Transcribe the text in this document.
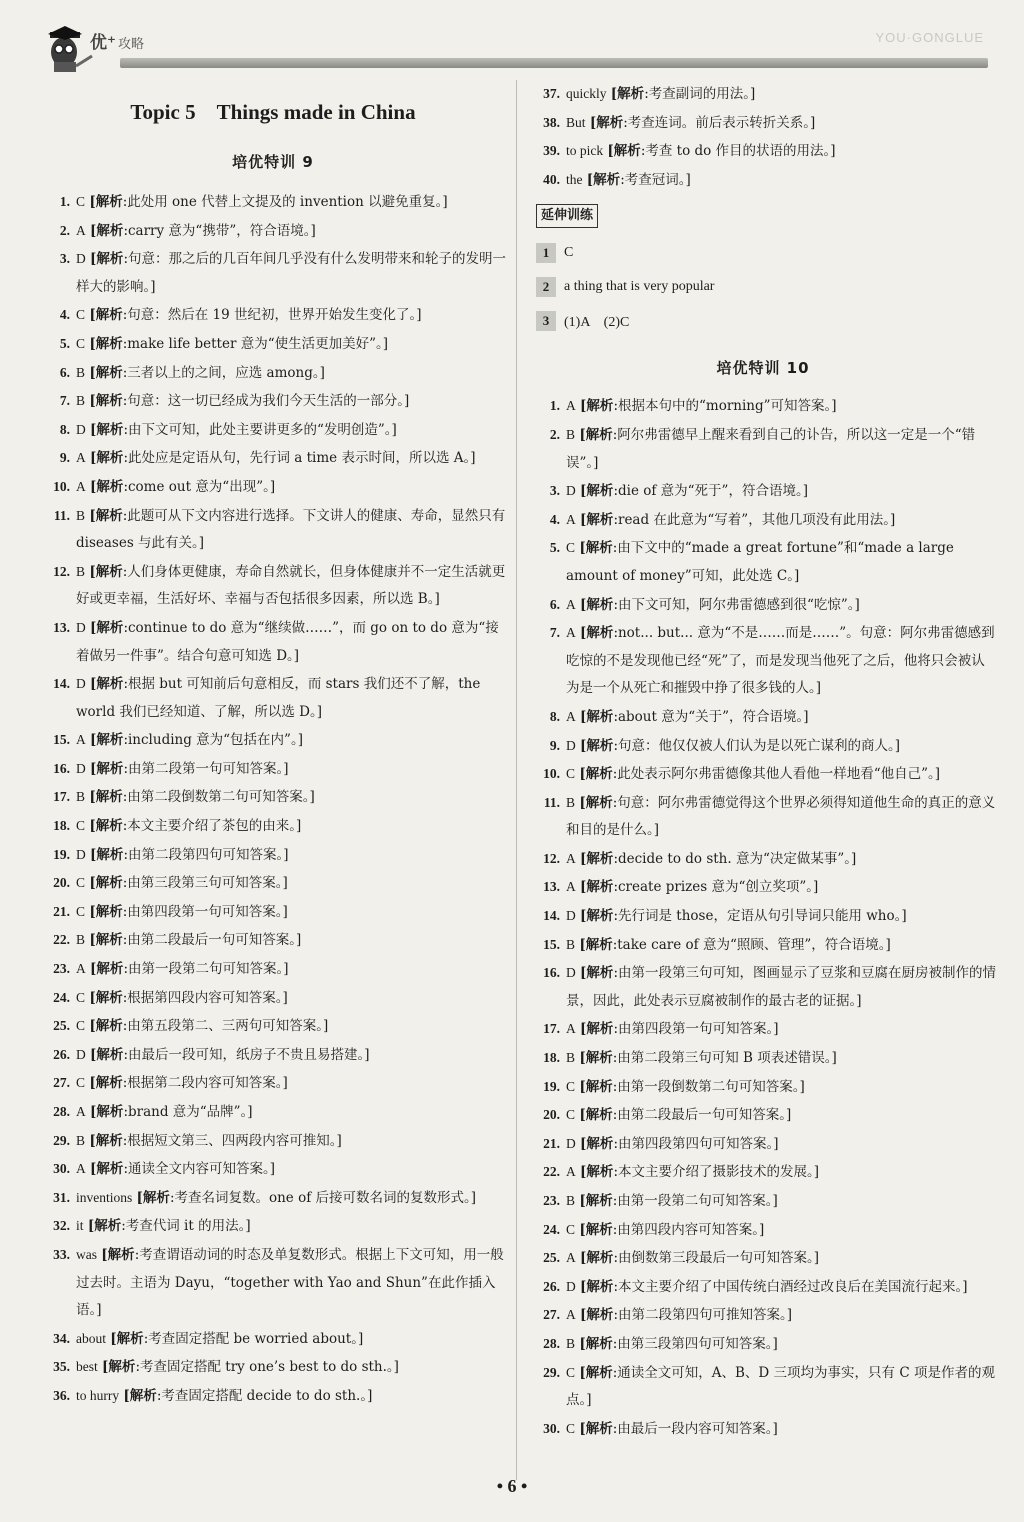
优⁺ 攻略	YOU·GONGLUE
Topic 5　Things made in China
培优特训 9
1. C [解析:此处用 one 代替上文提及的 invention 以避免重复。]
2. A [解析:carry 意为“携带”，符合语境。]
3. D [解析:句意：那之后的几百年间几乎没有什么发明带来和轮子的发明一样大的影响。]
4. C [解析:句意：然后在 19 世纪初，世界开始发生变化了。]
5. C [解析:make life better 意为“使生活更加美好”。]
6. B [解析:三者以上的之间，应选 among。]
7. B [解析:句意：这一切已经成为我们今天生活的一部分。]
8. D [解析:由下文可知，此处主要讲更多的“发明创造”。]
9. A [解析:此处应是定语从句，先行词 a time 表示时间，所以选 A。]
10. A [解析:come out 意为“出现”。]
11. B [解析:此题可从下文内容进行选择。下文讲人的健康、寿命，显然只有 diseases 与此有关。]
12. B [解析:人们身体更健康，寿命自然就长，但身体健康并不一定生活就更好或更幸福，生活好坏、幸福与否包括很多因素，所以选 B。]
13. D [解析:continue to do 意为“继续做……”，而 go on to do 意为“接着做另一件事”。结合句意可知选 D。]
14. D [解析:根据 but 可知前后句意相反，而 stars 我们还不了解，the world 我们已经知道、了解，所以选 D。]
15. A [解析:including 意为“包括在内”。]
16. D [解析:由第二段第一句可知答案。]
17. B [解析:由第二段倒数第二句可知答案。]
18. C [解析:本文主要介绍了茶包的由来。]
19. D [解析:由第二段第四句可知答案。]
20. C [解析:由第三段第三句可知答案。]
21. C [解析:由第四段第一句可知答案。]
22. B [解析:由第二段最后一句可知答案。]
23. A [解析:由第一段第二句可知答案。]
24. C [解析:根据第四段内容可知答案。]
25. C [解析:由第五段第二、三两句可知答案。]
26. D [解析:由最后一段可知，纸房子不贵且易搭建。]
27. C [解析:根据第二段内容可知答案。]
28. A [解析:brand 意为“品牌”。]
29. B [解析:根据短文第三、四两段内容可推知。]
30. A [解析:通读全文内容可知答案。]
31. inventions [解析:考查名词复数。one of 后接可数名词的复数形式。]
32. it [解析:考查代词 it 的用法。]
33. was [解析:考查谓语动词的时态及单复数形式。根据上下文可知，用一般过去时。主语为 Dayu，“together with Yao and Shun”在此作插入语。]
34. about [解析:考查固定搭配 be worried about。]
35. best [解析:考查固定搭配 try one’s best to do sth.。]
36. to hurry [解析:考查固定搭配 decide to do sth.。]
37. quickly [解析:考查副词的用法。]
38. But [解析:考查连词。前后表示转折关系。]
39. to pick [解析:考查 to do 作目的状语的用法。]
40. the [解析:考查冠词。]
延伸训练
1	C
2	a thing that is very popular
3	(1)A　(2)C
培优特训 10
1. A [解析:根据本句中的“morning”可知答案。]
2. B [解析:阿尔弗雷德早上醒来看到自己的讣告，所以这一定是一个“错误”。]
3. D [解析:die of 意为“死于”，符合语境。]
4. A [解析:read 在此意为“写着”，其他几项没有此用法。]
5. C [解析:由下文中的“made a great fortune”和“made a large amount of money”可知，此处选 C。]
6. A [解析:由下文可知，阿尔弗雷德感到很“吃惊”。]
7. A [解析:not... but... 意为“不是……而是……”。句意：阿尔弗雷德感到吃惊的不是发现他已经“死”了，而是发现当他死了之后，他将只会被认为是一个从死亡和摧毁中挣了很多钱的人。]
8. A [解析:about 意为“关于”，符合语境。]
9. D [解析:句意：他仅仅被人们认为是以死亡谋利的商人。]
10. C [解析:此处表示阿尔弗雷德像其他人看他一样地看“他自己”。]
11. B [解析:句意：阿尔弗雷德觉得这个世界必须得知道他生命的真正的意义和目的是什么。]
12. A [解析:decide to do sth. 意为“决定做某事”。]
13. A [解析:create prizes 意为“创立奖项”。]
14. D [解析:先行词是 those，定语从句引导词只能用 who。]
15. B [解析:take care of 意为“照顾、管理”，符合语境。]
16. D [解析:由第一段第三句可知，图画显示了豆浆和豆腐在厨房被制作的情景，因此，此处表示豆腐被制作的最古老的证据。]
17. A [解析:由第四段第一句可知答案。]
18. B [解析:由第二段第三句可知 B 项表述错误。]
19. C [解析:由第一段倒数第二句可知答案。]
20. C [解析:由第二段最后一句可知答案。]
21. D [解析:由第四段第四句可知答案。]
22. A [解析:本文主要介绍了摄影技术的发展。]
23. B [解析:由第一段第二句可知答案。]
24. C [解析:由第四段内容可知答案。]
25. A [解析:由倒数第三段最后一句可知答案。]
26. D [解析:本文主要介绍了中国传统白酒经过改良后在美国流行起来。]
27. A [解析:由第二段第四句可推知答案。]
28. B [解析:由第三段第四句可知答案。]
29. C [解析:通读全文可知，A、B、D 三项均为事实，只有 C 项是作者的观点。]
30. C [解析:由最后一段内容可知答案。]
• 6 •
